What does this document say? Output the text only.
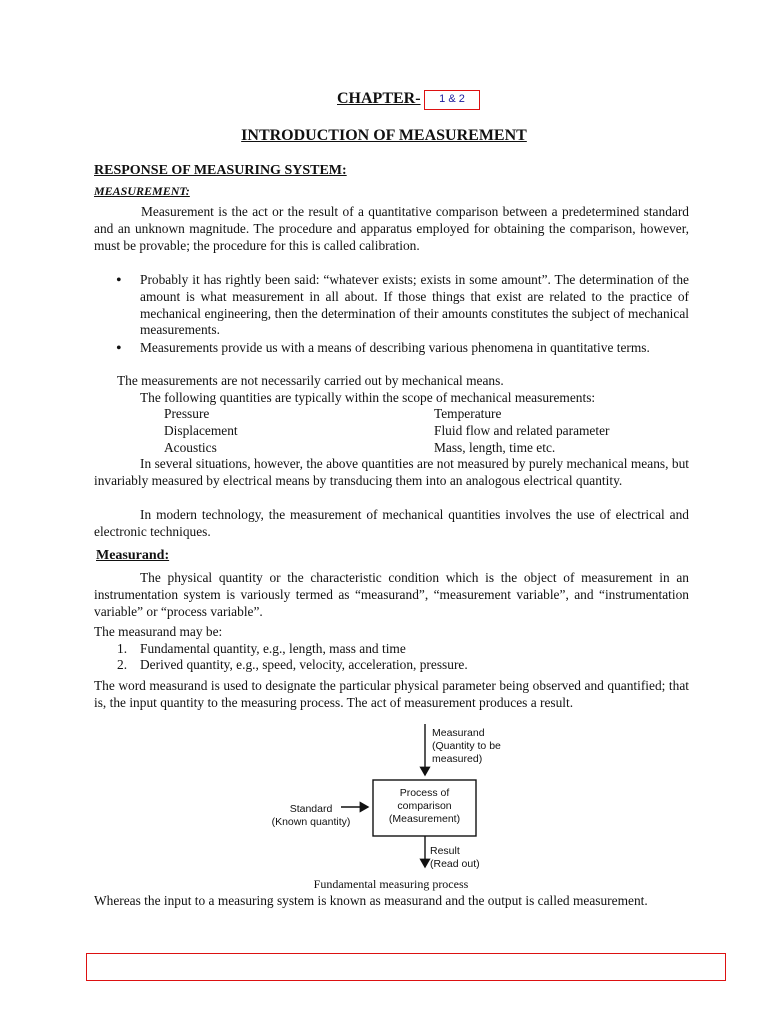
CHAPTER-	1 & 2
INTRODUCTION OF MEASUREMENT
RESPONSE OF MEASURING SYSTEM:
MEASUREMENT:
Measurement is the act or the result of a quantitative comparison between a predetermined standard and an unknown magnitude. The procedure and apparatus employed for obtaining the comparison, however, must be provable; the procedure for this is called calibration.
• Probably it has rightly been said: “whatever exists; exists in some amount”. The determination of the amount is what measurement in all about. If those things that exist are related to the practice of mechanical engineering, then the determination of their amounts constitutes the subject of mechanical measurements.
• Measurements provide us with a means of describing various phenomena in quantitative terms.
The measurements are not necessarily carried out by mechanical means.
The following quantities are typically within the scope of mechanical measurements:
Pressure
Displacement
Acoustics
Temperature
Fluid flow and related parameter
Mass, length, time etc.
In several situations, however, the above quantities are not measured by purely mechanical means, but invariably measured by electrical means by transducing them into an analogous electrical quantity.
In modern technology, the measurement of mechanical quantities involves the use of electrical and electronic techniques.
Measurand:
The physical quantity or the characteristic condition which is the object of measurement in an instrumentation system is variously termed as “measurand”, “measurement variable”, and “instrumentation variable” or “process variable”.
The measurand may be:
1. Fundamental quantity, e.g., length, mass and time
2. Derived quantity, e.g., speed, velocity, acceleration, pressure.
The word measurand is used to designate the particular physical parameter being observed and quantified; that is, the input quantity to the measuring process. The act of measurement produces a result.
Measurand
(Quantity to be
measured)
Standard
(Known quantity)
Process of
comparison
(Measurement)
Result
(Read out)
Fundamental measuring process
Whereas the input to a measuring system is known as measurand and the output is called measurement.
